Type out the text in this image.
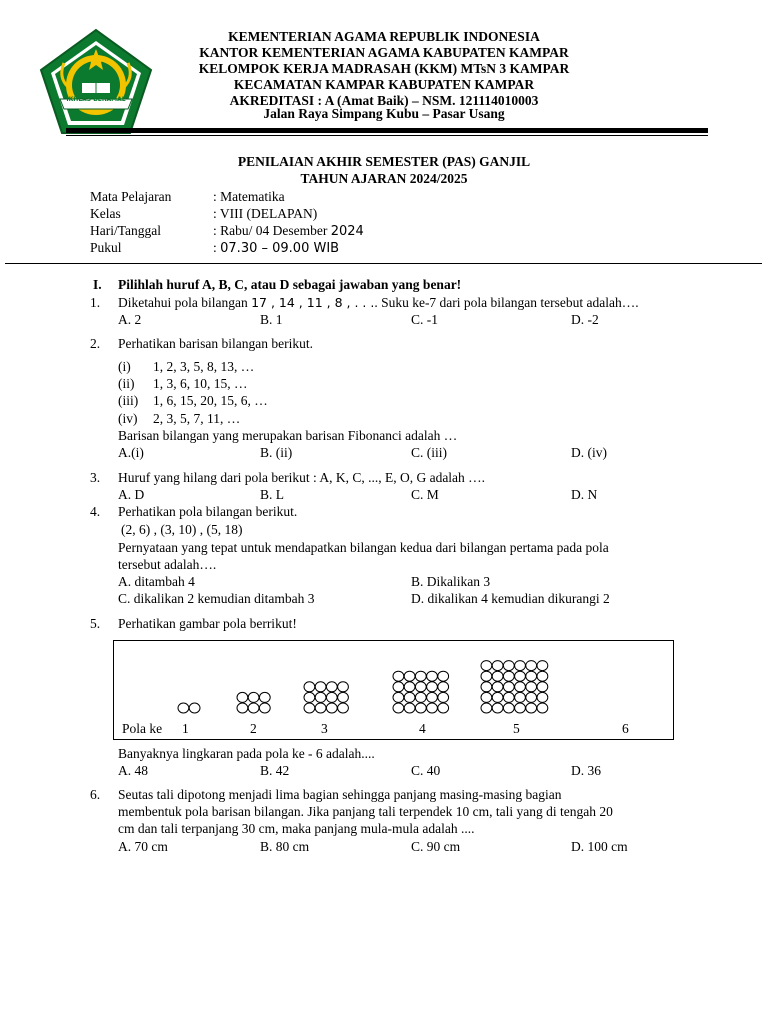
IKHLAS BERAMAL
KEMENTERIAN AGAMA REPUBLIK INDONESIA
KANTOR KEMENTERIAN AGAMA KABUPATEN KAMPAR
KELOMPOK KERJA MADRASAH (KKM) MTsN 3 KAMPAR
KECAMATAN KAMPAR KABUPATEN KAMPAR
AKREDITASI : A (Amat Baik) – NSM. 121114010003
Jalan Raya Simpang Kubu – Pasar Usang
PENILAIAN AKHIR SEMESTER (PAS) GANJIL
TAHUN AJARAN 2024/2025
Mata Pelajaran	: Matematika
Kelas	: VIII (DELAPAN)
Hari/Tanggal	: Rabu/ 04 Desember 2024
Pukul	: 07.30 – 09.00 WIB
I. Pilihlah huruf A, B, C, atau D sebagai jawaban yang benar!
1. Diketahui pola bilangan 17 , 14 , 11 , 8 , . . .. Suku ke-7 dari pola bilangan tersebut adalah….
A. 2	B. 1	C. -1	D. -2
2. Perhatikan barisan bilangan berikut.
(i) 1, 2, 3, 5, 8, 13, …
(ii) 1, 3, 6, 10, 15, …
(iii) 1, 6, 15, 20, 15, 6, …
(iv) 2, 3, 5, 7, 11, …
Barisan bilangan yang merupakan barisan Fibonanci adalah …
A.(i)	B. (ii)	C. (iii)	D. (iv)
3. Huruf yang hilang dari pola berikut : A, K, C, ..., E, O, G adalah ….
A. D	B. L	C. M	D. N
4. Perhatikan pola bilangan berikut.
(2, 6) , (3, 10) , (5, 18)
Pernyataan yang tepat untuk mendapatkan bilangan kedua dari bilangan pertama pada pola
tersebut adalah….
A. ditambah 4	B. Dikalikan 3
C. dikalikan 2 kemudian ditambah 3	D. dikalikan 4 kemudian dikurangi 2
5. Perhatikan gambar pola berrikut!
Pola ke 1	2	3	4	5	6
Banyaknya lingkaran pada pola ke - 6 adalah....
A. 48	B. 42	C. 40	D. 36
6. Seutas tali dipotong menjadi lima bagian sehingga panjang masing-masing bagian
membentuk pola barisan bilangan. Jika panjang tali terpendek 10 cm, tali yang di tengah 20
cm dan tali terpanjang 30 cm, maka panjang mula-mula adalah ....
A. 70 cm	B. 80 cm	C. 90 cm	D. 100 cm
